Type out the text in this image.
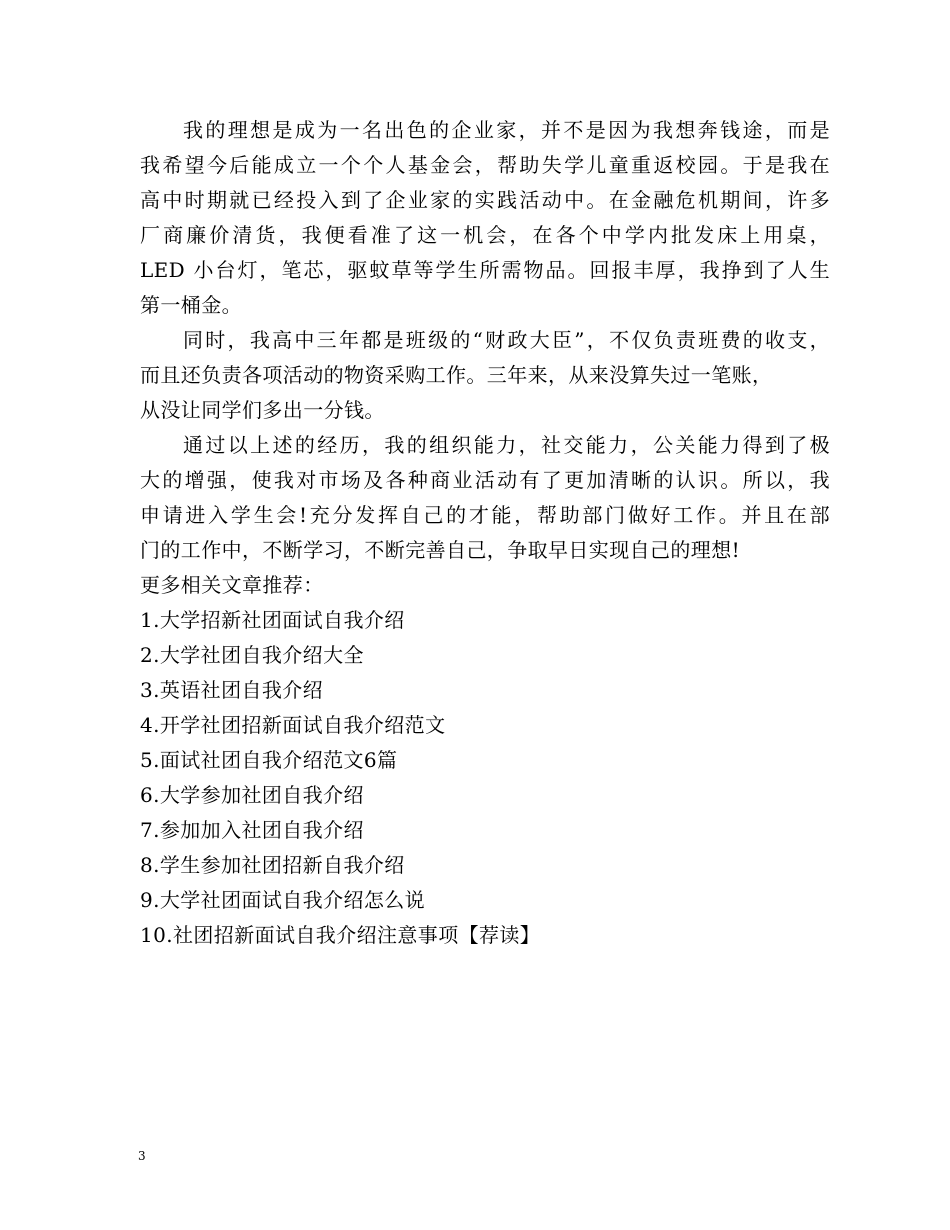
我的理想是成为一名出色的企业家，并不是因为我想奔钱途，而是
我希望今后能成立一个个人基金会，帮助失学儿童重返校园。于是我在
高中时期就已经投入到了企业家的实践活动中。在金融危机期间，许多
厂商廉价清货，我便看准了这一机会，在各个中学内批发床上用桌，
LED 小台灯，笔芯，驱蚊草等学生所需物品。回报丰厚，我挣到了人生
第一桶金。
同时，我高中三年都是班级的“财政大臣”，不仅负责班费的收支，
而且还负责各项活动的物资采购工作。三年来，从来没算失过一笔账，
从没让同学们多出一分钱。
通过以上述的经历，我的组织能力，社交能力，公关能力得到了极
大的增强，使我对市场及各种商业活动有了更加清晰的认识。所以，我
申请进入学生会!充分发挥自己的才能，帮助部门做好工作。并且在部
门的工作中，不断学习，不断完善自己，争取早日实现自己的理想!
更多相关文章推荐：
1.大学招新社团面试自我介绍
2.大学社团自我介绍大全
3.英语社团自我介绍
4.开学社团招新面试自我介绍范文
5.面试社团自我介绍范文6篇
6.大学参加社团自我介绍
7.参加加入社团自我介绍
8.学生参加社团招新自我介绍
9.大学社团面试自我介绍怎么说
10.社团招新面试自我介绍注意事项【荐读】
3
